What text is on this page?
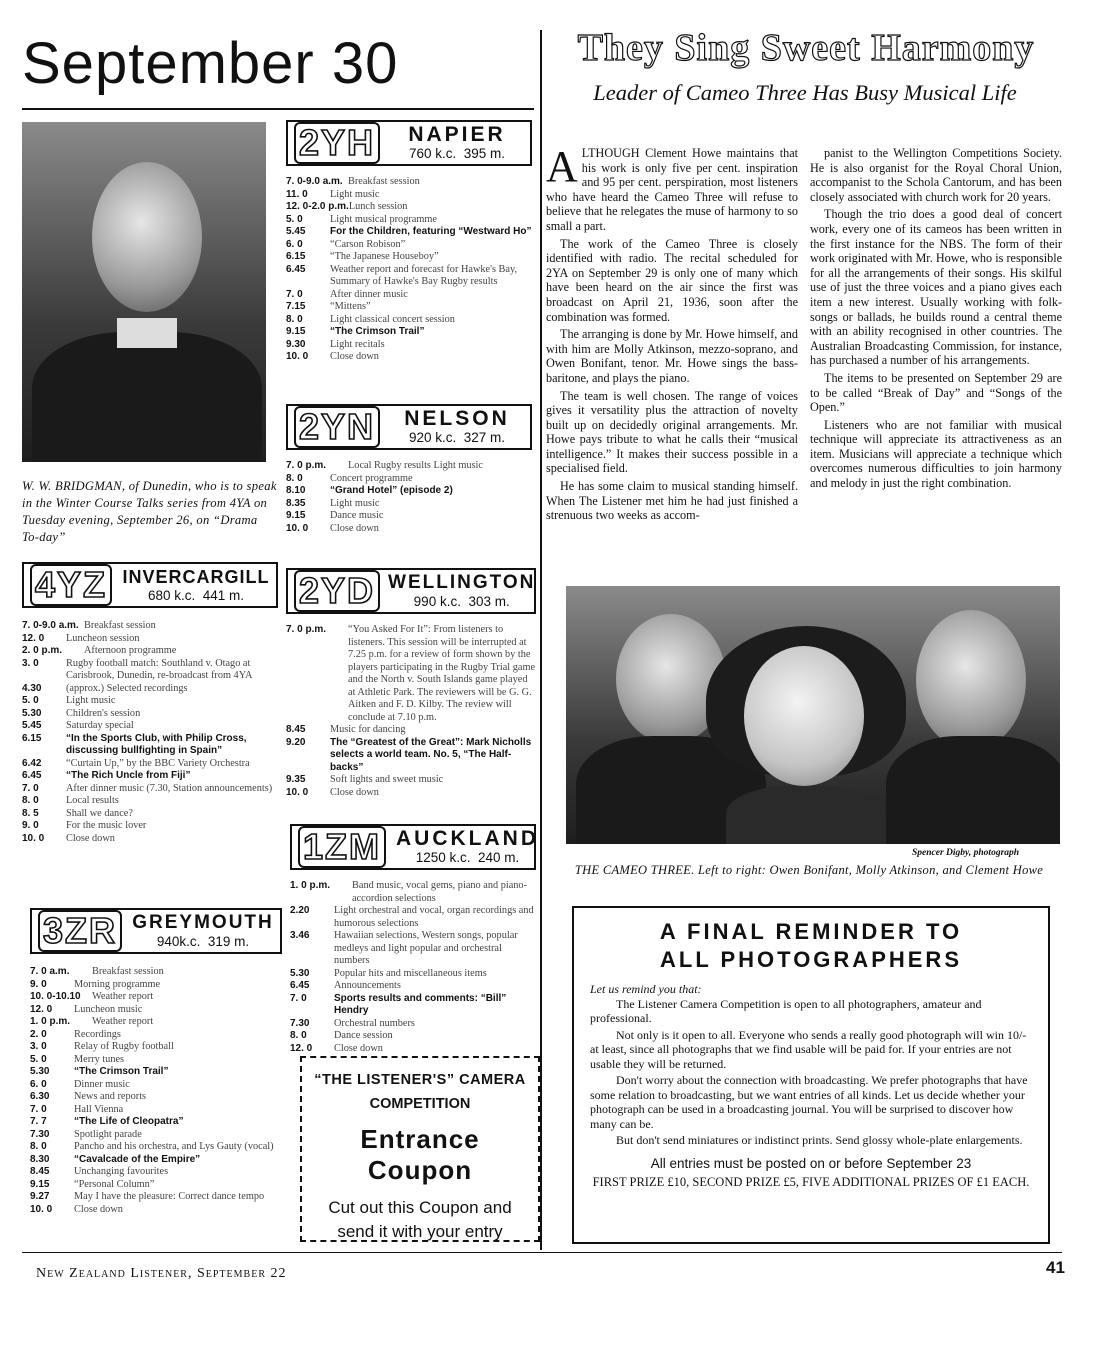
September 30
W. W. BRIDGMAN, of Dunedin, who is to speak in the Winter Course Talks series from 4YA on Tuesday evening, September 26, on “Drama To-day”
2YH	NAPIER
760 k.c. 395 m.
7. 0-9.0 a.m. Breakfast session
11. 0	Light music
12. 0-2.0 p.m. Lunch session
5. 0	Light musical programme
5.45	For the Children, featuring “Westward Ho”
6. 0	“Carson Robison”
6.15	“The Japanese Houseboy”
6.45	Weather report and forecast for Hawke's Bay, Summary of Hawke's Bay Rugby results
7. 0	After dinner music
7.15	“Mittens”
8. 0	Light classical concert session
9.15	“The Crimson Trail”
9.30	Light recitals
10. 0	Close down
2YN	NELSON
920 k.c. 327 m.
7. 0 p.m.	Local Rugby results Light music
8. 0	Concert programme
8.10	“Grand Hotel” (episode 2)
8.35	Light music
9.15	Dance music
10. 0	Close down
4YZ INVERCARGILL
680 k.c. 441 m.
7. 0-9.0 a.m. Breakfast session
12. 0	Luncheon session
2. 0 p.m.	Afternoon programme
3. 0	Rugby football match: Southland v. Otago at Carisbrook, Dunedin, re-broadcast from 4YA
4.30	(approx.) Selected recordings
5. 0	Light music
5.30	Children's session
5.45	Saturday special
6.15	“In the Sports Club, with Philip Cross, discussing bullfighting in Spain”
6.42	“Curtain Up,” by the BBC Variety Orchestra
6.45	“The Rich Uncle from Fiji”
7. 0	After dinner music (7.30, Station announcements)
8. 0	Local results
8. 5	Shall we dance?
9. 0	For the music lover
10. 0	Close down
2YD WELLINGTON
990 k.c. 303 m.
7. 0 p.m.	“You Asked For It”: From listeners to listeners. This session will be interrupted at 7.25 p.m. for a review of form shown by the players participating in the Rugby Trial game and the North v. South Islands game played at Athletic Park. The reviewers will be G. G. Aitken and F. D. Kilby. The review will conclude at 7.10 p.m.
8.45	Music for dancing
9.20	The “Greatest of the Great”: Mark Nicholls selects a world team. No. 5, “The Half-backs”
9.35	Soft lights and sweet music
10. 0	Close down
1ZM AUCKLAND
1250 k.c. 240 m.
1. 0 p.m.	Band music, vocal gems, piano and piano-accordion selections
2.20	Light orchestral and vocal, organ recordings and humorous selections
3.46	Hawaiian selections, Western songs, popular medleys and light popular and orchestral numbers
5.30	Popular hits and miscellaneous items
6.45	Announcements
7. 0	Sports results and comments: “Bill” Hendry
7.30	Orchestral numbers
8. 0	Dance session
12. 0	Close down
3ZR GREYMOUTH
940k.c. 319 m.
7. 0 a.m.	Breakfast session
9. 0	Morning programme
10. 0-10.10	Weather report
12. 0	Luncheon music
1. 0 p.m.	Weather report
2. 0	Recordings
3. 0	Relay of Rugby football
5. 0	Merry tunes
5.30	“The Crimson Trail”
6. 0	Dinner music
6.30	News and reports
7. 0	Hall Vienna
7. 7	“The Life of Cleopatra”
7.30	Spotlight parade
8. 0	Pancho and his orchestra, and Lys Gauty (vocal)
8.30	“Cavalcade of the Empire”
8.45	Unchanging favourites
9.15	“Personal Column”
9.27	May I have the pleasure: Correct dance tempo
10. 0	Close down
“THE LISTENER'S” CAMERA
COMPETITION
Entrance Coupon
Cut out this Coupon and
send it with your entry
They Sing Sweet Harmony
Leader of Cameo Three Has Busy Musical Life
A LTHOUGH Clement Howe maintains that his work is only five per cent. inspiration and 95 per cent. perspiration, most listeners who have heard the Cameo Three will refuse to believe that he relegates the muse of harmony to so small a part.

The work of the Cameo Three is closely identified with radio. The recital scheduled for 2YA on September 29 is only one of many which have been heard on the air since the first was broadcast on April 21, 1936, soon after the combination was formed.

The arranging is done by Mr. Howe himself, and with him are Molly Atkinson, mezzo-soprano, and Owen Bonifant, tenor. Mr. Howe sings the bass-baritone, and plays the piano.

The team is well chosen. The range of voices gives it versatility plus the attraction of novelty built up on decidedly original arrangements. Mr. Howe pays tribute to what he calls their “musical intelligence.” It makes their success possible in a specialised field.

He has some claim to musical standing himself. When The Listener met him he had just finished a strenuous two weeks as accom-

panist to the Wellington Competitions Society. He is also organist for the Royal Choral Union, accompanist to the Schola Cantorum, and has been closely associated with church work for 20 years.

Though the trio does a good deal of concert work, every one of its cameos has been written in the first instance for the NBS. The form of their work originated with Mr. Howe, who is responsible for all the arrangements of their songs. His skilful use of just the three voices and a piano gives each item a new interest. Usually working with folk-songs or ballads, he builds round a central theme with an ability recognised in other countries. The Australian Broadcasting Commission, for instance, has purchased a number of his arrangements.

The items to be presented on September 29 are to be called “Break of Day” and “Songs of the Open.”

Listeners who are not familiar with musical technique will appreciate its attractiveness as an item. Musicians will appreciate a technique which overcomes numerous difficulties to join harmony and melody in just the right combination.

Spencer Digby, photograph
THE CAMEO THREE. Left to right: Owen Bonifant, Molly Atkinson, and Clement Howe
A FINAL REMINDER TO
ALL PHOTOGRAPHERS
Let us remind you that:
The Listener Camera Competition is open to all photographers, amateur and professional.
Not only is it open to all. Everyone who sends a really good photograph will win 10/- at least, since all photographs that we find usable will be paid for. If your entries are not usable they will be returned.
Don't worry about the connection with broadcasting. We prefer photographs that have some relation to broadcasting, but we want entries of all kinds. Let us decide whether your photograph can be used in a broadcasting journal. You will be surprised to discover how many can be.
But don't send miniatures or indistinct prints. Send glossy whole-plate enlargements.
All entries must be posted on or before September 23
FIRST PRIZE £10, SECOND PRIZE £5, FIVE ADDITIONAL PRIZES OF £1 EACH.
New Zealand Listener, September 22	41
